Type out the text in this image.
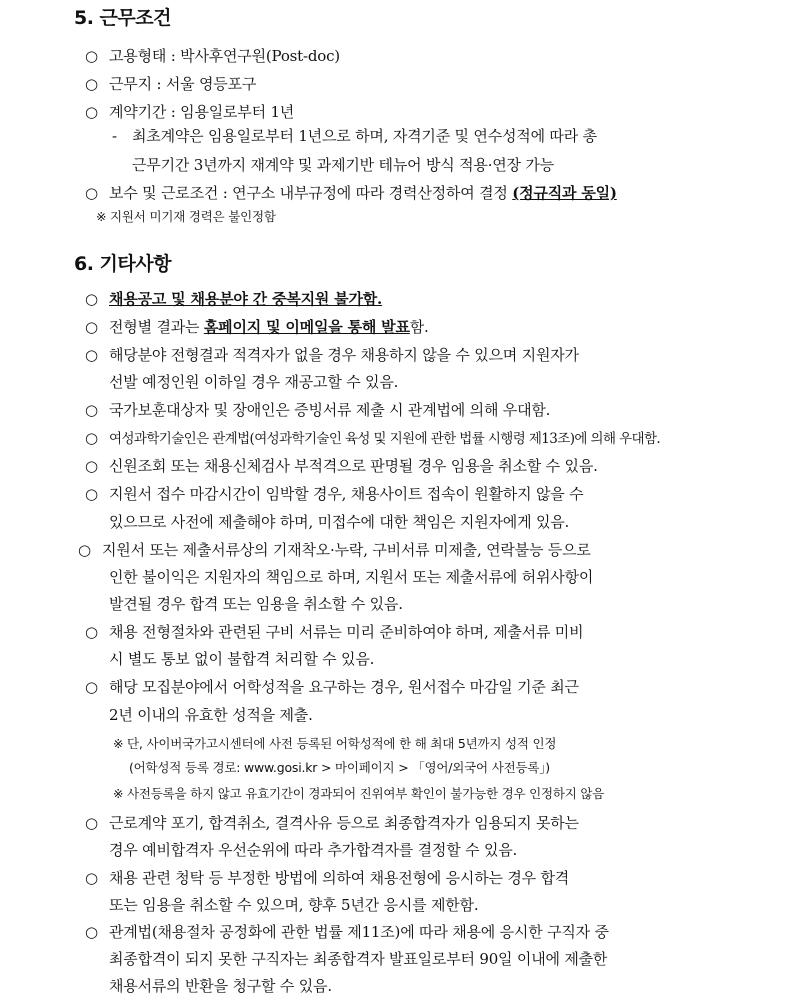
5. 근무조건
○ 고용형태 : 박사후연구원(Post-doc)
○ 근무지 : 서울 영등포구
○ 계약기간 : 임용일로부터 1년
- 최초계약은 임용일로부터 1년으로 하며, 자격기준 및 연수성적에 따라 총
근무기간 3년까지 재계약 및 과제기반 테뉴어 방식 적용·연장 가능
○ 보수 및 근로조건 : 연구소 내부규정에 따라 경력산정하여 결정 (정규직과 동일)
※ 지원서 미기재 경력은 불인정함
6. 기타사항
○ 채용공고 및 채용분야 간 중복지원 불가함.
○ 전형별 결과는 홈페이지 및 이메일을 통해 발표함.
○ 해당분야 전형결과 적격자가 없을 경우 채용하지 않을 수 있으며 지원자가
선발 예정인원 이하일 경우 재공고할 수 있음.
○ 국가보훈대상자 및 장애인은 증빙서류 제출 시 관계법에 의해 우대함.
○ 여성과학기술인은 관계법(여성과학기술인 육성 및 지원에 관한 법률 시행령 제13조)에 의해 우대함.
○ 신원조회 또는 채용신체검사 부적격으로 판명될 경우 임용을 취소할 수 있음.
○ 지원서 접수 마감시간이 임박할 경우, 채용사이트 접속이 원활하지 않을 수
있으므로 사전에 제출해야 하며, 미접수에 대한 책임은 지원자에게 있음.
○ 지원서 또는 제출서류상의 기재착오·누락, 구비서류 미제출, 연락불능 등으로
인한 불이익은 지원자의 책임으로 하며, 지원서 또는 제출서류에 허위사항이
발견될 경우 합격 또는 임용을 취소할 수 있음.
○ 채용 전형절차와 관련된 구비 서류는 미리 준비하여야 하며, 제출서류 미비
시 별도 통보 없이 불합격 처리할 수 있음.
○ 해당 모집분야에서 어학성적을 요구하는 경우, 원서접수 마감일 기준 최근
2년 이내의 유효한 성적을 제출.
※ 단, 사이버국가고시센터에 사전 등록된 어학성적에 한 해 최대 5년까지 성적 인정
(어학성적 등록 경로: www.gosi.kr > 마이페이지 > 「영어/외국어 사전등록」)
※ 사전등록을 하지 않고 유효기간이 경과되어 진위여부 확인이 불가능한 경우 인정하지 않음
○ 근로계약 포기, 합격취소, 결격사유 등으로 최종합격자가 임용되지 못하는
경우 예비합격자 우선순위에 따라 추가합격자를 결정할 수 있음.
○ 채용 관련 청탁 등 부정한 방법에 의하여 채용전형에 응시하는 경우 합격
또는 임용을 취소할 수 있으며, 향후 5년간 응시를 제한함.
○ 관계법(채용절차 공정화에 관한 법률 제11조)에 따라 채용에 응시한 구직자 중
최종합격이 되지 못한 구직자는 최종합격자 발표일로부터 90일 이내에 제출한
채용서류의 반환을 청구할 수 있음.
